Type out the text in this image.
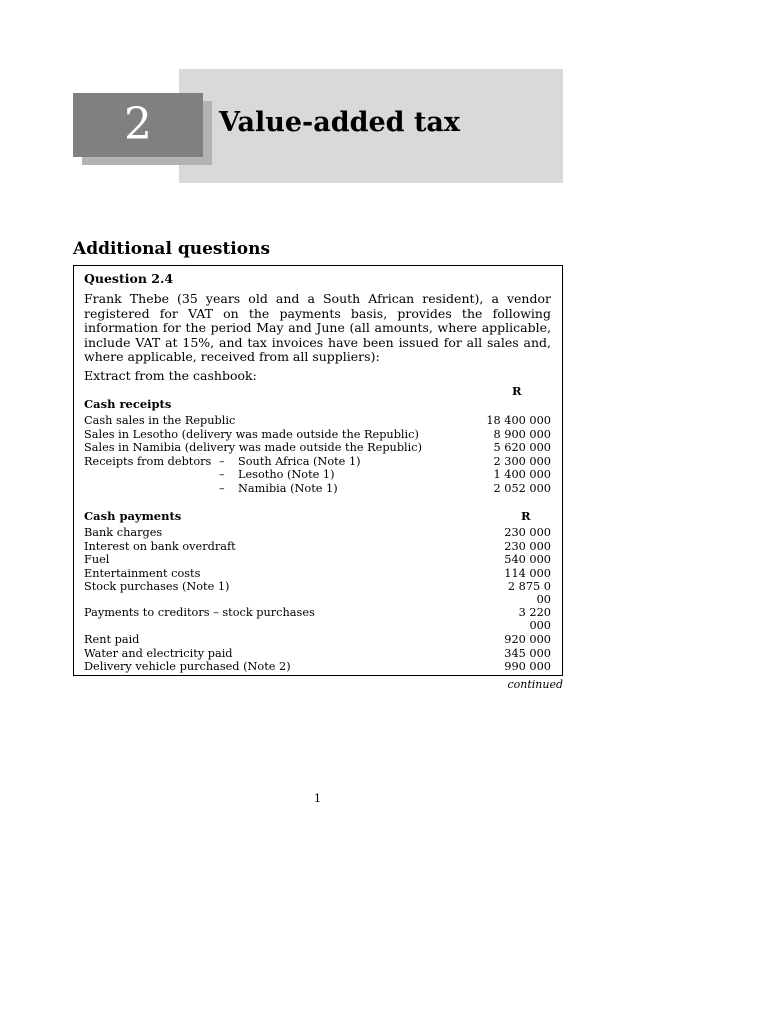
2	Value-added tax
Additional questions
Question 2.4
Frank Thebe (35 years old and a South African resident), a vendor registered for VAT on the payments basis, provides the following information for the period May and June (all amounts, where applicable, include VAT at 15%, and tax invoices have been issued for all sales and, where applicable, received from all suppliers):
Extract from the cashbook:
R
Cash receipts
Cash sales in the Republic	18 400 000
Sales in Lesotho (delivery was made outside the Republic)	8 900 000
Sales in Namibia (delivery was made outside the Republic)	5 620 000
Receipts from debtors – South Africa (Note 1)	2 300 000
– Lesotho (Note 1)	1 400 000
– Namibia (Note 1)	2 052 000
Cash payments	R
Bank charges	230 000
Interest on bank overdraft	230 000
Fuel	540 000
Entertainment costs	114 000
Stock purchases (Note 1)	2 875 000
Payments to creditors – stock purchases	3 220 000
Rent paid	920 000
Water and electricity paid	345 000
Delivery vehicle purchased (Note 2)	990 000
continued
1
